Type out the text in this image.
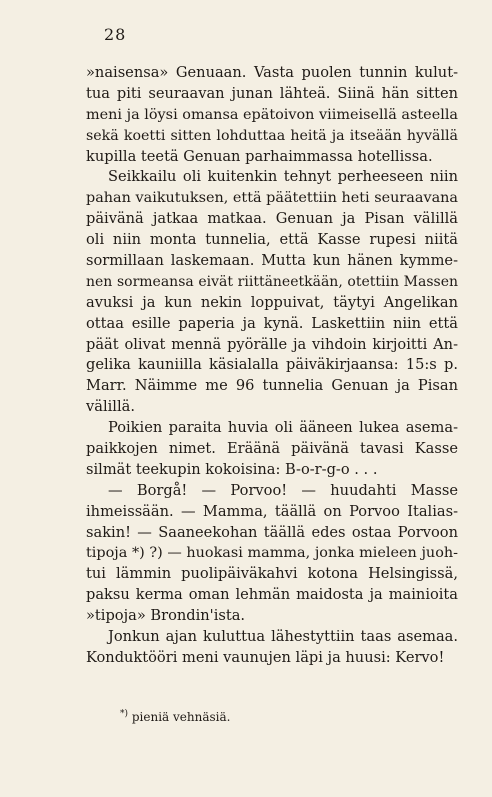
28
»naisensa» Genuaan. Vasta puolen tunnin kulut-
tua piti seuraavan junan lähteä. Siinä hän sitten
meni ja löysi omansa epätoivon viimeisellä asteella
sekä koetti sitten lohduttaa heitä ja itseään hyvällä
kupilla teetä Genuan parhaimmassa hotellissa.
Seikkailu oli kuitenkin tehnyt perheeseen niin
pahan vaikutuksen, että päätettiin heti seuraavana
päivänä jatkaa matkaa. Genuan ja Pisan välillä
oli niin monta tunnelia, että Kasse rupesi niitä
sormillaan laskemaan. Mutta kun hänen kymme-
nen sormeansa eivät riittäneetkään, otettiin Massen
avuksi ja kun nekin loppuivat, täytyi Angelikan
ottaa esille paperia ja kynä. Laskettiin niin että
päät olivat mennä pyörälle ja vihdoin kirjoitti An-
gelika kauniilla käsialalla päiväkirjaansa: 15:s p.
Marr. Näimme me 96 tunnelia Genuan ja Pisan
välillä.
Poikien paraita huvia oli ääneen lukea asema-
paikkojen nimet. Eräänä päivänä tavasi Kasse
silmät teekupin kokoisina: B-o-r-g-o . . .
— Borgå! — Porvoo! — huudahti Masse
ihmeissään. — Mamma, täällä on Porvoo Italias-
sakin! — Saaneekohan täällä edes ostaa Porvoon
tipoja *) ?) — huokasi mamma, jonka mieleen juoh-
tui lämmin puolipäiväkahvi kotona Helsingissä,
paksu kerma oman lehmän maidosta ja mainioita
»tipoja» Brondin'ista.
Jonkun ajan kuluttua lähestyttiin taas asemaa.
Konduktööri meni vaunujen läpi ja huusi: Kervo!
*) pieniä vehnäsiä.
